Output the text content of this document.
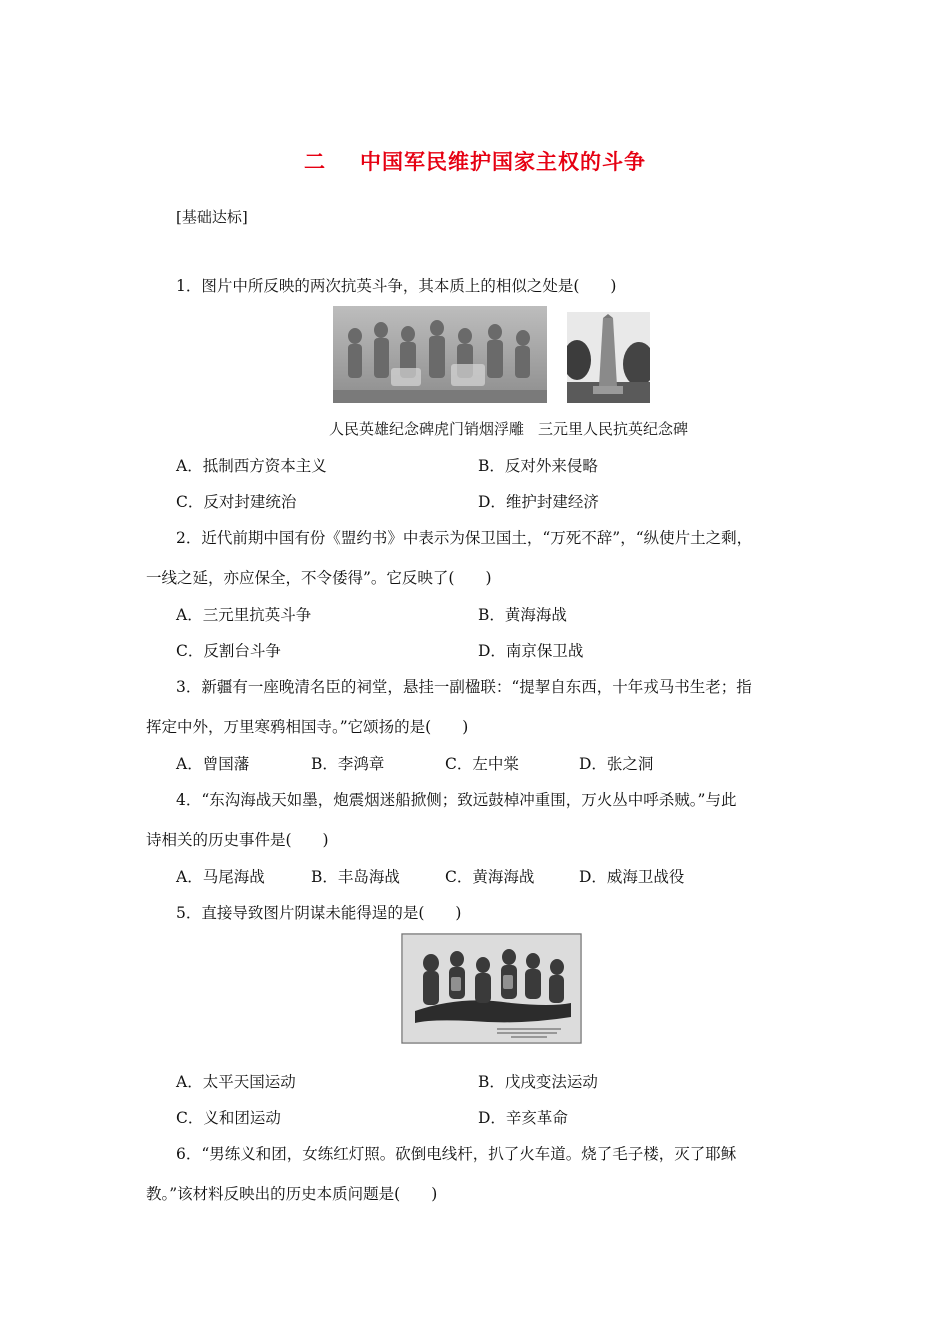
二 中国军民维护国家主权的斗争
[基础达标]
1．图片中所反映的两次抗英斗争，其本质上的相似之处是(　　)
人民英雄纪念碑虎门销烟浮雕 三元里人民抗英纪念碑
A．抵制西方资本主义	B．反对外来侵略
C．反对封建统治	D．维护封建经济
2．近代前期中国有份《盟约书》中表示为保卫国土，“万死不辞”，“纵使片土之剩，
一线之延，亦应保全，不令倭得”。它反映了(　　)
A．三元里抗英斗争	B．黄海海战
C．反割台斗争	D．南京保卫战
3．新疆有一座晚清名臣的祠堂，悬挂一副楹联：“提挈自东西，十年戎马书生老；指
挥定中外，万里寒鸦相国寺。”它颂扬的是(　　)
A．曾国藩	B．李鸿章	C．左中棠	D．张之洞
4．“东沟海战天如墨，炮震烟迷船掀侧；致远鼓棹冲重围，万火丛中呼杀贼。”与此
诗相关的历史事件是(　　)
A．马尾海战	B．丰岛海战	C．黄海海战	D．威海卫战役
5．直接导致图片阴谋未能得逞的是(　　)
A．太平天国运动	B．戊戌变法运动
C．义和团运动	D．辛亥革命
6．“男练义和团，女练红灯照。砍倒电线杆，扒了火车道。烧了毛子楼，灭了耶稣
教。”该材料反映出的历史本质问题是(　　)
